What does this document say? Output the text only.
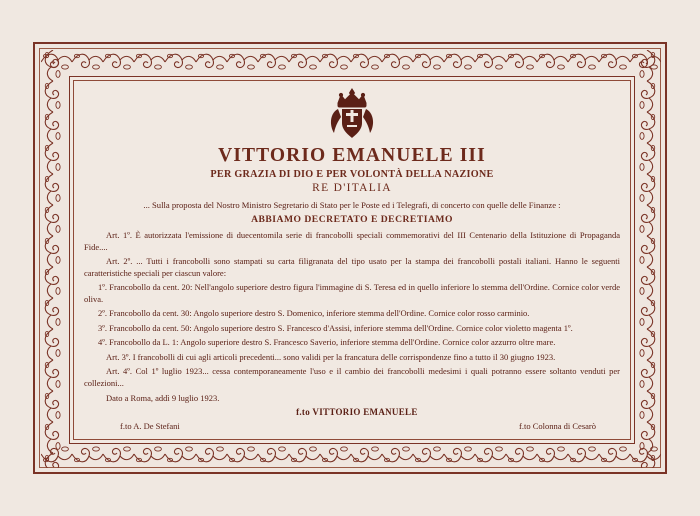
VITTORIO EMANUELE III
PER GRAZIA DI DIO E PER VOLONTÀ DELLA NAZIONE
RE D'ITALIA
... Sulla proposta del Nostro Ministro Segretario di Stato per le Poste ed i Telegrafi, di concerto con quelle delle Finanze :
ABBIAMO DECRETATO E DECRETIAMO

Art. 1º. È autorizzata l'emissione di duecentomila serie di francobolli speciali commemorativi del III Centenario della Istituzione di Propaganda Fide....

Art. 2º. ... Tutti i francobolli sono stampati su carta filigranata del tipo usato per la stampa dei francobolli postali italiani. Hanno le seguenti caratteristiche speciali per ciascun valore:

1º. Francobollo da cent. 20: Nell'angolo superiore destro figura l'immagine di S. Teresa ed in quello inferiore lo stemma dell'Ordine. Cornice color verde oliva.

2º. Francobollo da cent. 30: Angolo superiore destro S. Domenico, inferiore stemma dell'Ordine. Cornice color rosso carminio.

3º. Francobollo da cent. 50: Angolo superiore destro S. Francesco d'Assisi, inferiore stemma dell'Ordine. Cornice color violetto magenta 1º.

4º. Francobollo da L. 1: Angolo superiore destro S. Francesco Saverio, inferiore stemma dell'Ordine. Cornice color azzurro oltre mare.

Art. 3º. I francobolli di cui agli articoli precedenti... sono validi per la francatura delle corrispondenze fino a tutto il 30 giugno 1923.

Art. 4º. Col 1º luglio 1923... cessa contemporaneamente l'uso e il cambio dei francobolli medesimi i quali potranno essere soltanto venduti per collezioni...

Dato a Roma, addì 9 luglio 1923.

f.to VITTORIO EMANUELE
f.to A. De Stefani	f.to Colonna di Cesarò
